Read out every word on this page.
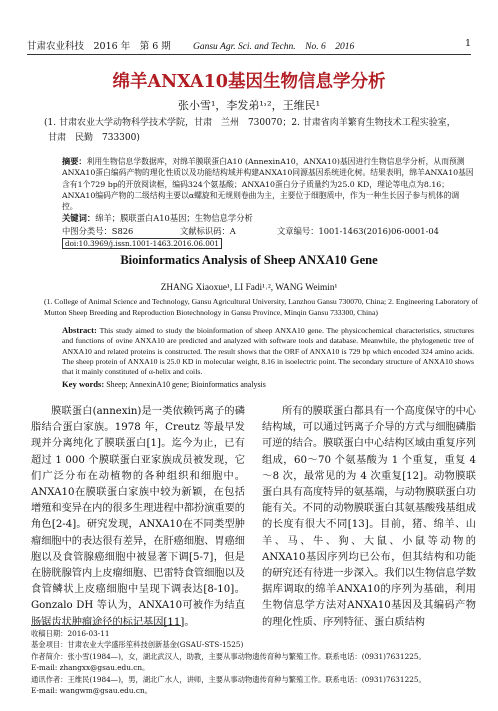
甘肃农业科技　2016 年　第 6 期 Gansu Agr. Sci. and Techn.　No. 6　2016	1
绵羊ANXA10基因生物信息学分析
张小雪¹，李发弟¹˒²，王维民¹
(1. 甘肃农业大学动物科学技术学院，甘肃　兰州　730070；2. 甘肃省肉羊繁育生物技术工程实验室，
甘肃　民勤　733300)
摘要：利用生物信息学数据库，对绵羊膜联蛋白A10 (AnnexinA10，ANXA10)基因进行生物信息学分析，从而预测ANXA10蛋白编码产物的理化性质以及功能结构域并构建ANXA10同源基因系统进化树。结果表明，绵羊ANXA10基因含有1个729 bp的开放阅读框，编码324个氨基酸；ANXA10蛋白分子质量约为25.0 KD，理论等电点为8.16；ANXA10编码产物的二级结构主要以α螺旋和无规则卷曲为主，主要位于细胞质中，作为一种生长因子参与机体的调控。
关键词：绵羊；膜联蛋白A10基因；生物信息学分析
中图分类号：S826	文献标识码：A	文章编号：1001-1463(2016)06-0001-04
doi:10.3969/j.issn.1001-1463.2016.06.001
Bioinformatics Analysis of Sheep ANXA10 Gene
ZHANG Xiaoxue¹, LI Fadi¹˒², WANG Weimin¹
(1. College of Animal Science and Technology, Gansu Agricultural University, Lanzhou Gansu 730070, China; 2. Engineering Laboratory of Mutton Sheep Breeding and Reproduction Biotechnology in Gansu Province, Minqin Gansu 733300, China)
Abstract: This study aimed to study the bioinformation of sheep ANXA10 gene. The physicochemical characteristics, structures and functions of ovine ANXA10 are predicted and analyzed with software tools and database. Meanwhile, the phylogenetic tree of ANXA10 and related proteins is constructed. The result shows that the ORF of ANXA10 is 729 bp which encoded 324 amino acids. The sheep protein of ANXA10 is 25.0 KD in molecular weight, 8.16 in isoelectric point. The secondary structure of ANXA10 shows that it mainly constituted of α-helix and coils.
Key words: Sheep; AnnexinA10 gene; Bioinformatics analysis
膜联蛋白(annexin)是一类依赖钙离子的磷脂结合蛋白家族。1978 年，Creutz 等最早发现并分离纯化了膜联蛋白[1]。迄今为止，已有超过 1 000 个膜联蛋白亚家族成员被发现，它们广泛分布在动植物的各种组织和细胞中。ANXA10在膜联蛋白家族中较为新颖，在包括增殖和变异在内的很多生理进程中都扮演重要的角色[2-4]。研究发现，ANXA10在不同类型肿瘤细胞中的表达很有差异，在肝癌细胞、胃癌细胞以及食管腺癌细胞中被显著下调[5-7]，但是在膀胱腺管内上皮瘤细胞、巴雷特食管细胞以及食管鳞状上皮癌细胞中呈现下调表达[8-10]。Gonzalo DH 等认为，ANXA10可被作为结直肠锯齿状肿瘤途径的标记基因[11]。
所有的膜联蛋白都具有一个高度保守的中心结构域，可以通过钙离子介导的方式与细胞磷脂可逆的结合。膜联蛋白中心结构区域由重复序列组成，60～70 个氨基酸为 1 个重复，重复 4～8 次，最常见的为 4 次重复[12]。动物膜联蛋白具有高度特异的氨基端，与动物膜联蛋白功能有关。不同的动物膜联蛋白其氨基酸残基组成的长度有很大不同[13]。目前，猪、绵羊、山羊、马、牛、狗、大鼠、小鼠等动物的ANXA10基因序列均已公布，但其结构和功能的研究还有待进一步深入。我们以生物信息学数据库调取的绵羊ANXA10的序列为基础，利用生物信息学方法对ANXA10基因及其编码产物的理化性质、序列特征、蛋白质结构
收稿日期：2016-03-11
基金项目：甘肃农业大学盛彤笙科技创新基金(GSAU-STS-1525)
作者简介：张小雪(1984—)，女，湖北武汉人，助教，主要从事动物遗传育种与繁殖工作。联系电话：(0931)7631225。
E-mail: zhangxx@gsau.edu.cn。
通讯作者：王维民(1984—)，男，湖北广水人，讲师，主要从事动物遗传育种与繁殖工作。联系电话：(0931)7631225。
E-mail: wangwm@gsau.edu.cn。
